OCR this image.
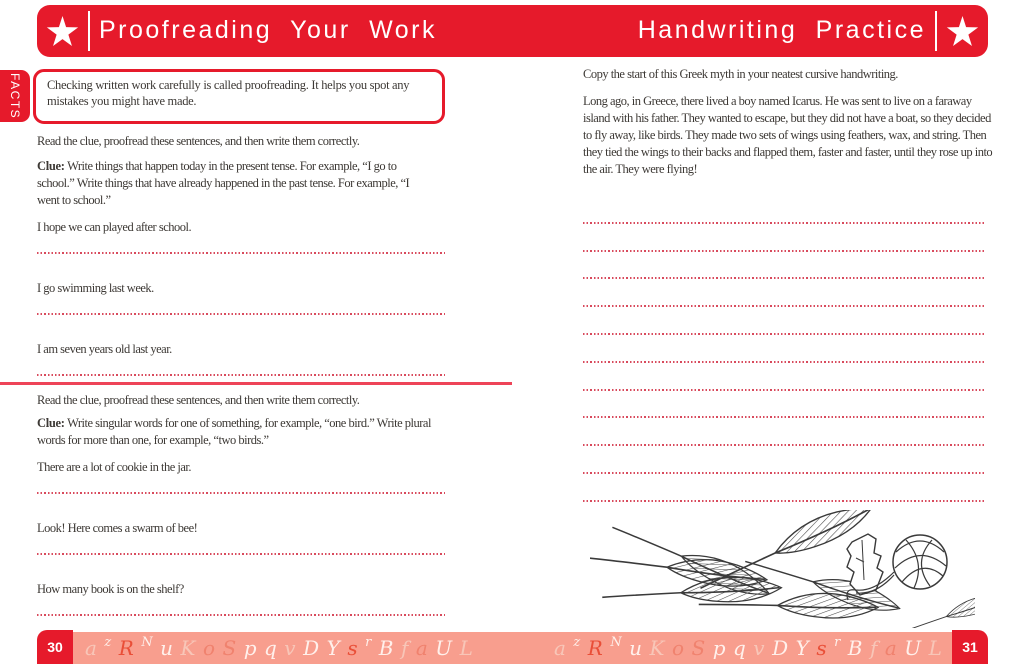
Proofreading Your Work	Handwriting Practice
FACTS	Checking written work carefully is called proofreading. It helps you spot any mistakes you might have made.

Read the clue, proofread these sentences, and then write them correctly.

Clue: Write things that happen today in the present tense. For example, “I go to school.” Write things that have already happened in the past tense. For example, “I went to school.”

I hope we can played after school.

I go swimming last week.

I am seven years old last year.

Read the clue, proofread these sentences, and then write them correctly.

Clue: Write singular words for one of something, for example, “one bird.” Write plural words for more than one, for example, “two birds.”

There are a lot of cookie in the jar.

Look! Here comes a swarm of bee!

How many book is on the shelf?

Copy the start of this Greek myth in your neatest cursive handwriting.

Long ago, in Greece, there lived a boy named Icarus. He was sent to live on a faraway island with his father. They wanted to escape, but they did not have a boat, so they decided to fly away, like birds. They made two sets of wings using feathers, wax, and string. Then they tied the wings to their backs and flapped them, faster and faster, until they rose up into the air. They were flying!

a z R N u K o S p q v D Y s r B f a U L	a z R N u K o S p q v D Y s r B f a U L
30	31
